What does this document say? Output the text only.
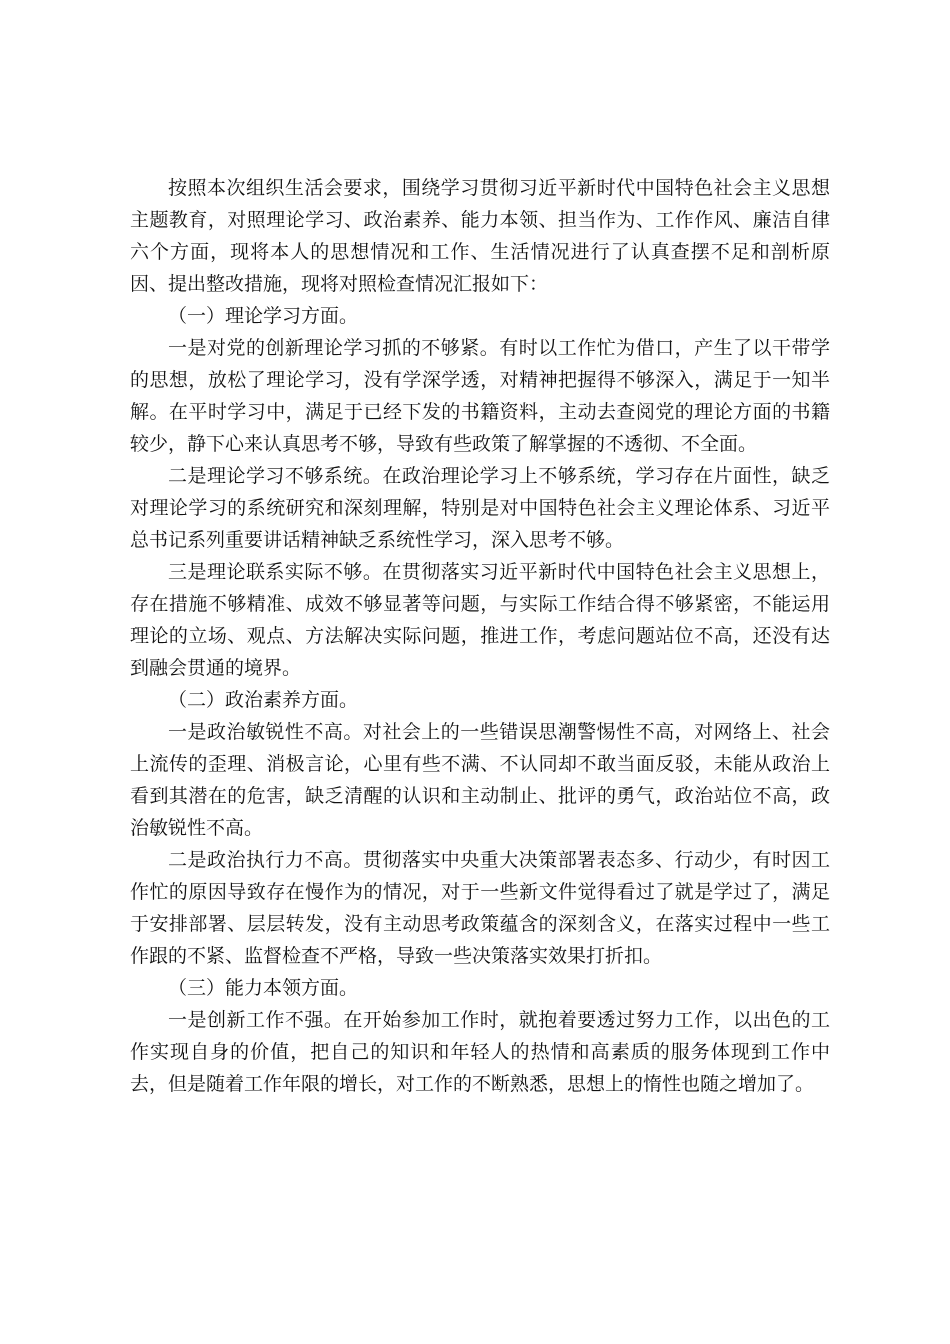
按照本次组织生活会要求，围绕学习贯彻习近平新时代中国特色社会主义思想主题教育，对照理论学习、政治素养、能力本领、担当作为、工作作风、廉洁自律六个方面，现将本人的思想情况和工作、生活情况进行了认真查摆不足和剖析原因、提出整改措施，现将对照检查情况汇报如下：

（一）理论学习方面。

一是对党的创新理论学习抓的不够紧。有时以工作忙为借口，产生了以干带学的思想，放松了理论学习，没有学深学透，对精神把握得不够深入，满足于一知半解。在平时学习中，满足于已经下发的书籍资料，主动去查阅党的理论方面的书籍较少，静下心来认真思考不够，导致有些政策了解掌握的不透彻、不全面。

二是理论学习不够系统。在政治理论学习上不够系统，学习存在片面性，缺乏对理论学习的系统研究和深刻理解，特别是对中国特色社会主义理论体系、习近平总书记系列重要讲话精神缺乏系统性学习，深入思考不够。

三是理论联系实际不够。在贯彻落实习近平新时代中国特色社会主义思想上，存在措施不够精准、成效不够显著等问题，与实际工作结合得不够紧密，不能运用理论的立场、观点、方法解决实际问题，推进工作，考虑问题站位不高，还没有达到融会贯通的境界。

（二）政治素养方面。

一是政治敏锐性不高。对社会上的一些错误思潮警惕性不高，对网络上、社会上流传的歪理、消极言论，心里有些不满、不认同却不敢当面反驳，未能从政治上看到其潜在的危害，缺乏清醒的认识和主动制止、批评的勇气，政治站位不高，政治敏锐性不高。

二是政治执行力不高。贯彻落实中央重大决策部署表态多、行动少，有时因工作忙的原因导致存在慢作为的情况，对于一些新文件觉得看过了就是学过了，满足于安排部署、层层转发，没有主动思考政策蕴含的深刻含义，在落实过程中一些工作跟的不紧、监督检查不严格，导致一些决策落实效果打折扣。

（三）能力本领方面。

一是创新工作不强。在开始参加工作时，就抱着要透过努力工作，以出色的工作实现自身的价值，把自己的知识和年轻人的热情和高素质的服务体现到工作中去，但是随着工作年限的增长，对工作的不断熟悉，思想上的惰性也随之增加了。
